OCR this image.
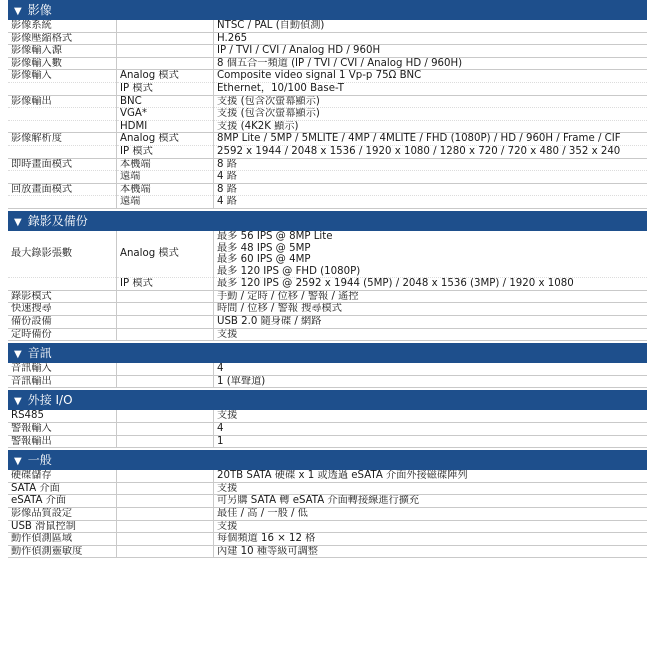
▼ 影像
影像系統		NTSC / PAL (自動偵測)

影像壓縮格式		H.265

影像輸入源		IP / TVI / CVI / Analog HD / 960H

影像輸入數		8 個五合一頻道 (IP / TVI / CVI / Analog HD / 960H)

影像輸入	Analog 模式	Composite video signal 1 Vp-p 75Ω BNC

	IP 模式	Ethernet，10/100 Base-T

影像輸出	BNC	支援 (包含次螢幕顯示)

	VGA*	支援 (包含次螢幕顯示)

	HDMI	支援 (4K2K 顯示)

影像解析度	Analog 模式	8MP Lite / 5MP / 5MLITE / 4MP / 4MLITE / FHD (1080P) / HD / 960H / Frame / CIF

	IP 模式	2592 x 1944 / 2048 x 1536 / 1920 x 1080 / 1280 x 720 / 720 x 480 / 352 x 240

即時畫面模式	本機端	8 路

	遠端	4 路

回放畫面模式	本機端	8 路

	遠端	4 路
▼ 錄影及備份
最大錄影張數	Analog 模式	最多 56 IPS @ 8MP Lite
最多 48 IPS @ 5MP
最多 60 IPS @ 4MP
最多 120 IPS @ FHD (1080P)

	IP 模式	最多 120 IPS @ 2592 x 1944 (5MP) / 2048 x 1536 (3MP) / 1920 x 1080

錄影模式		手動 / 定時 / 位移 / 警報 / 遙控

快速搜尋		時間 / 位移 / 警報 搜尋模式

備份設備		USB 2.0 隨身碟 / 網路

定時備份		支援
▼ 音訊
音訊輸入		4

音訊輸出		1 (單聲道)
▼ 外接 I/O
RS485		支援

警報輸入		4

警報輸出		1
▼ 一般
硬碟儲存		20TB SATA 硬碟 x 1 或透過 eSATA 介面外接磁碟陣列

SATA 介面		支援

eSATA 介面		可另購 SATA 轉 eSATA 介面轉接線進行擴充

影像品質設定		最佳 / 高 / 一般 / 低

USB 滑鼠控制		支援

動作偵測區域		每個頻道 16 × 12 格

動作偵測靈敏度		內建 10 種等級可調整
